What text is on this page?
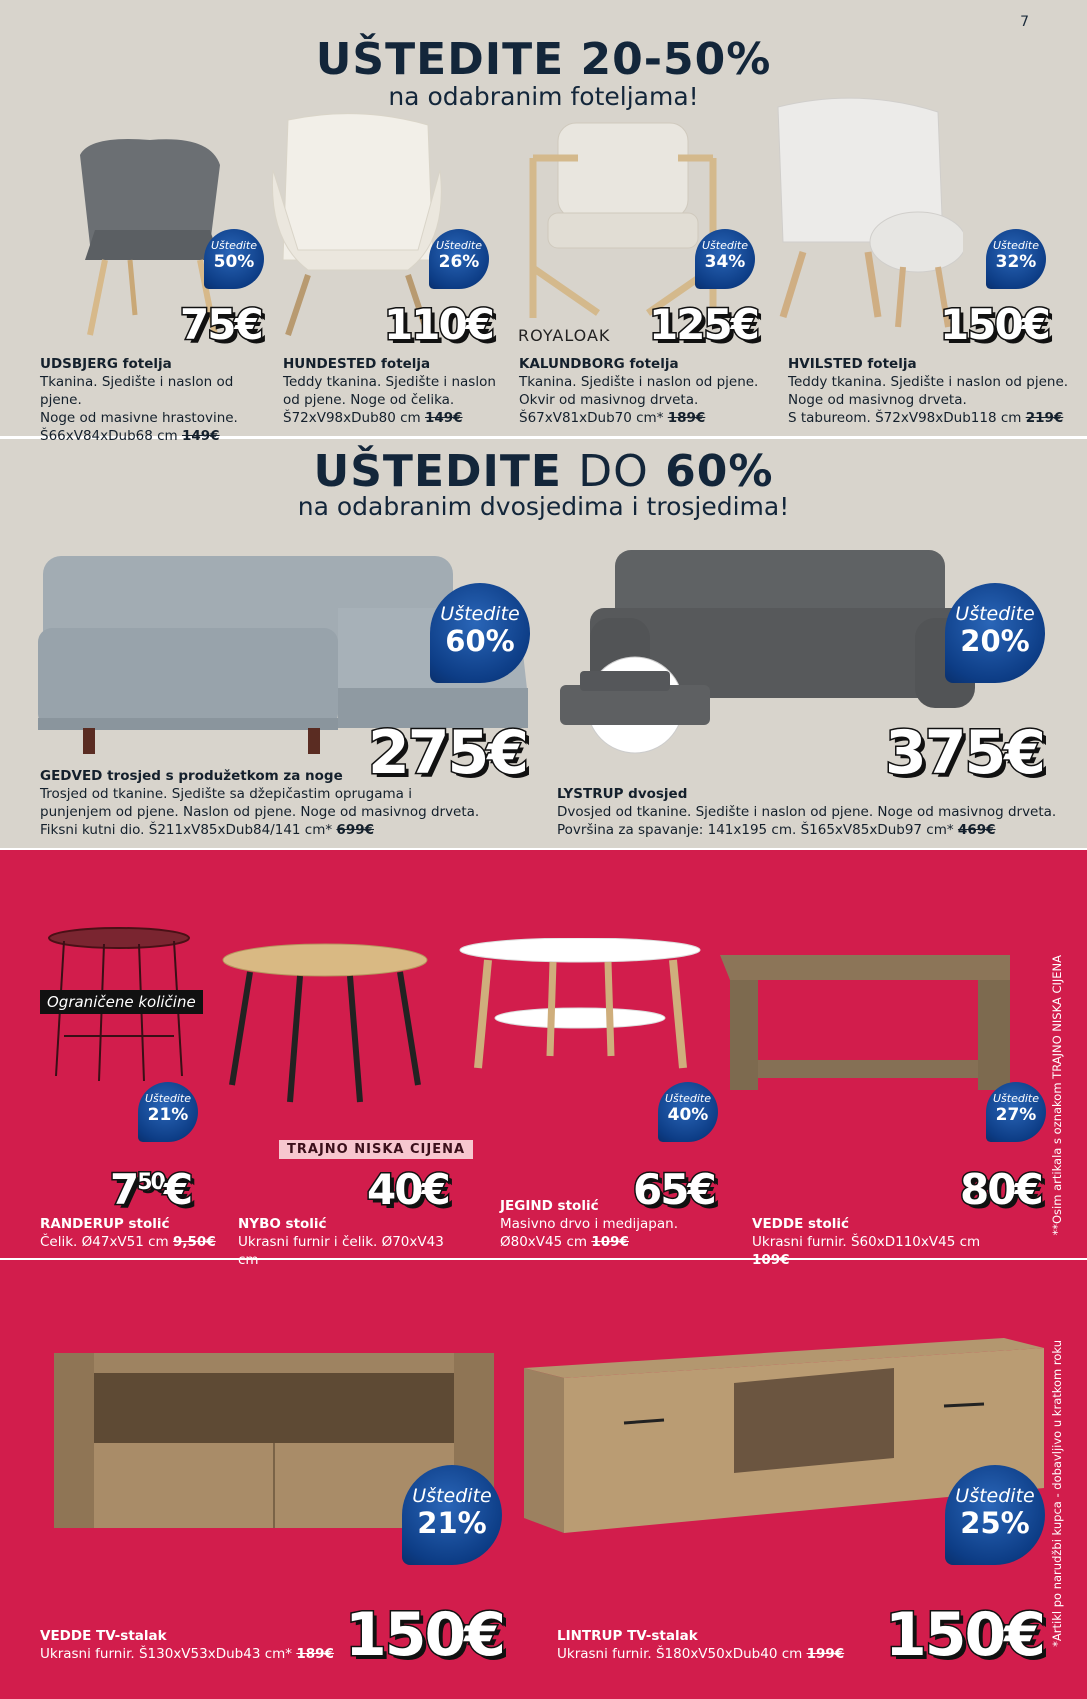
7
UŠTEDITE 20-50%
na odabranim foteljama!
ROYALOAK
Uštedite
50%
Uštedite
26%
Uštedite
34%
Uštedite
32%
75€	110€	125€	150€
UDSBJERG fotelja
Tkanina. Sjedište i naslon od pjene.
Noge od masivne hrastovine.
Š66xV84xDub68 cm 149€
HUNDESTED fotelja
Teddy tkanina. Sjedište i naslon
od pjene. Noge od čelika.
Š72xV98xDub80 cm 149€
KALUNDBORG fotelja
Tkanina. Sjedište i naslon od pjene.
Okvir od masivnog drveta.
Š67xV81xDub70 cm* 189€
HVILSTED fotelja
Teddy tkanina. Sjedište i naslon od pjene.
Noge od masivnog drveta.
S tabureom. Š72xV98xDub118 cm 219€
UŠTEDITE DO 60%
na odabranim dvosjedima i trosjedima!
Uštedite
60%
Uštedite
20%
275€	375€
GEDVED trosjed s produžetkom za noge
Trosjed od tkanine. Sjedište sa džepičastim oprugama i
punjenjem od pjene. Naslon od pjene. Noge od masivnog drveta.
Fiksni kutni dio. Š211xV85xDub84/141 cm* 699€
LYSTRUP dvosjed
Dvosjed od tkanine. Sjedište i naslon od pjene. Noge od masivnog drveta.
Površina za spavanje: 141x195 cm. Š165xV85xDub97 cm* 469€
Ograničene količine
Uštedite
21%
Uštedite
40%
Uštedite
27%
TRAJNO NISKA CIJENA
$7^{50}€$	40€	65€	80€
RANDERUP stolić
Čelik. Ø47xV51 cm 9,50€
NYBO stolić
Ukrasni furnir i čelik. Ø70xV43 cm
JEGIND stolić
Masivno drvo i medijapan.
Ø80xV45 cm 109€
VEDDE stolić
Ukrasni furnir. Š60xD110xV45 cm 109€
**Osim artikala s oznakom TRAJNO NISKA CIJENA
Uštedite
21%
Uštedite
25%
150€	150€
VEDDE TV-stalak
Ukrasni furnir. Š130xV53xDub43 cm* 189€
LINTRUP TV-stalak
Ukrasni furnir. Š180xV50xDub40 cm 199€
*Artikl po narudžbi kupca - dobavljivo u kratkom roku
